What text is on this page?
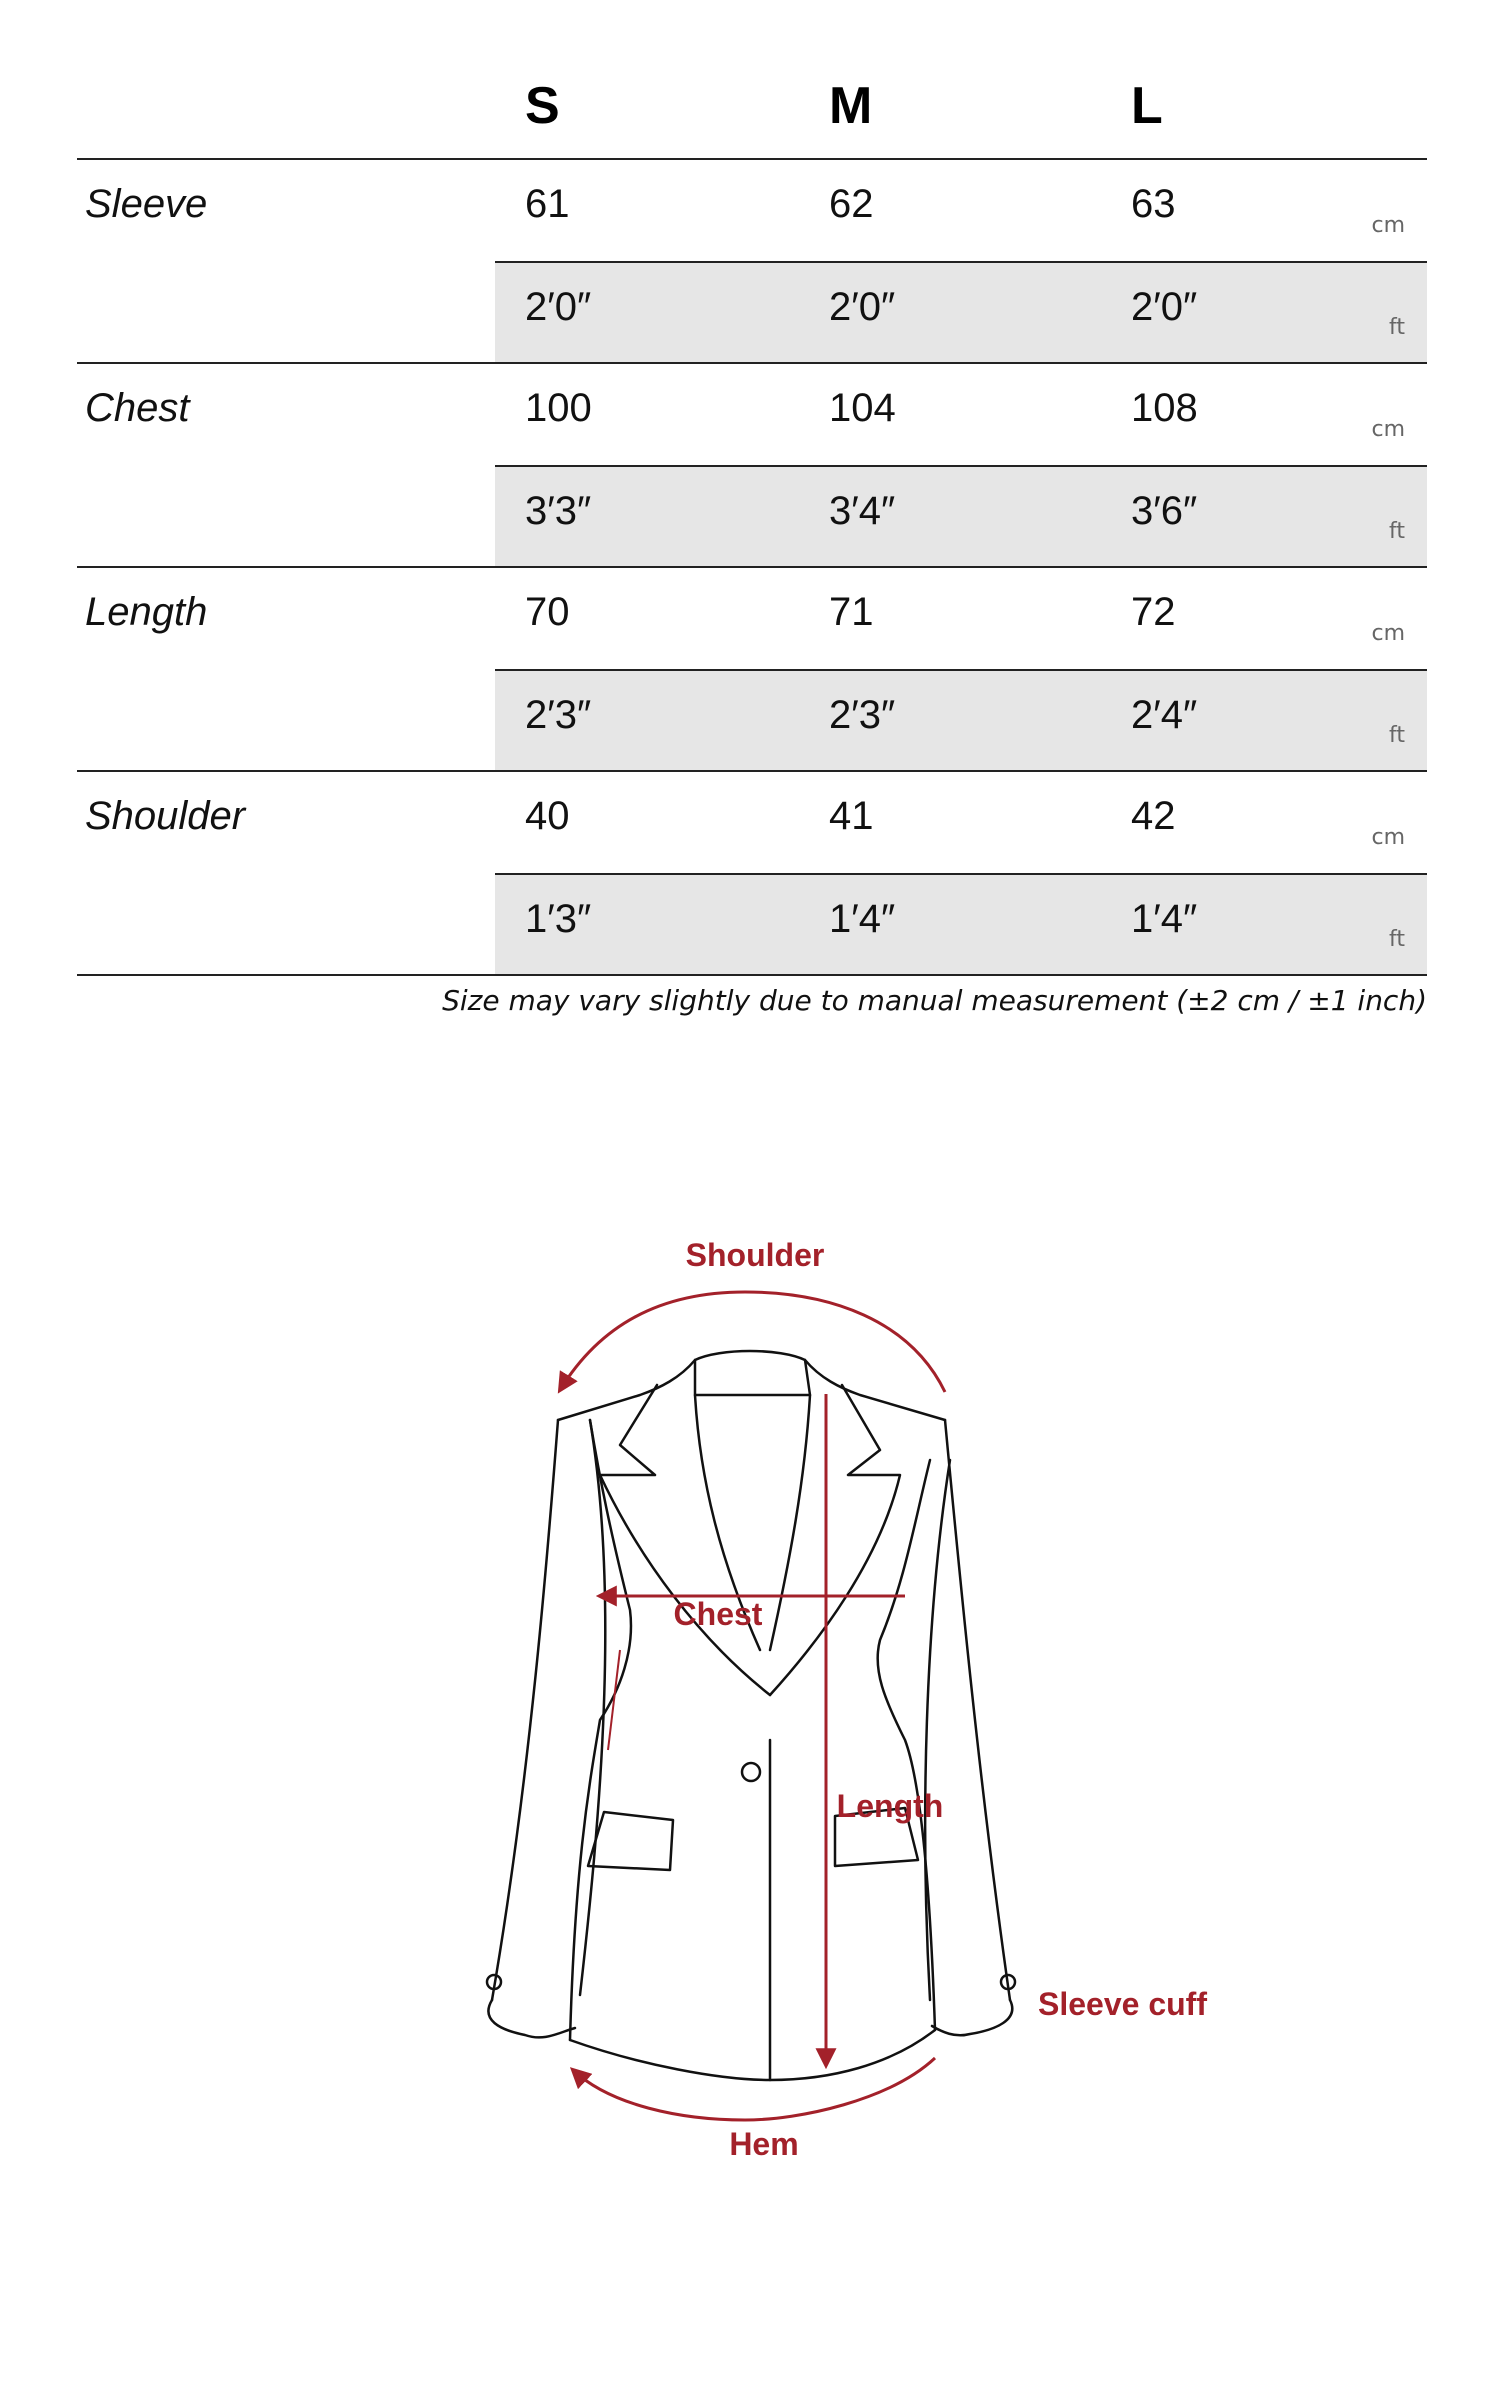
S	M	L
Sleeve	61	62	63	cm
2′0″	2′0″	2′0″	ft
Chest	100	104	108	cm
3′3″	3′4″	3′6″	ft
Length	70	71	72	cm
2′3″	2′3″	2′4″	ft
Shoulder	40	41	42	cm
1′3″	1′4″	1′4″	ft
Size may vary slightly due to manual measurement (±2 cm / ±1 inch)
Shoulder
Chest
Length
Sleeve cuff
Hem
